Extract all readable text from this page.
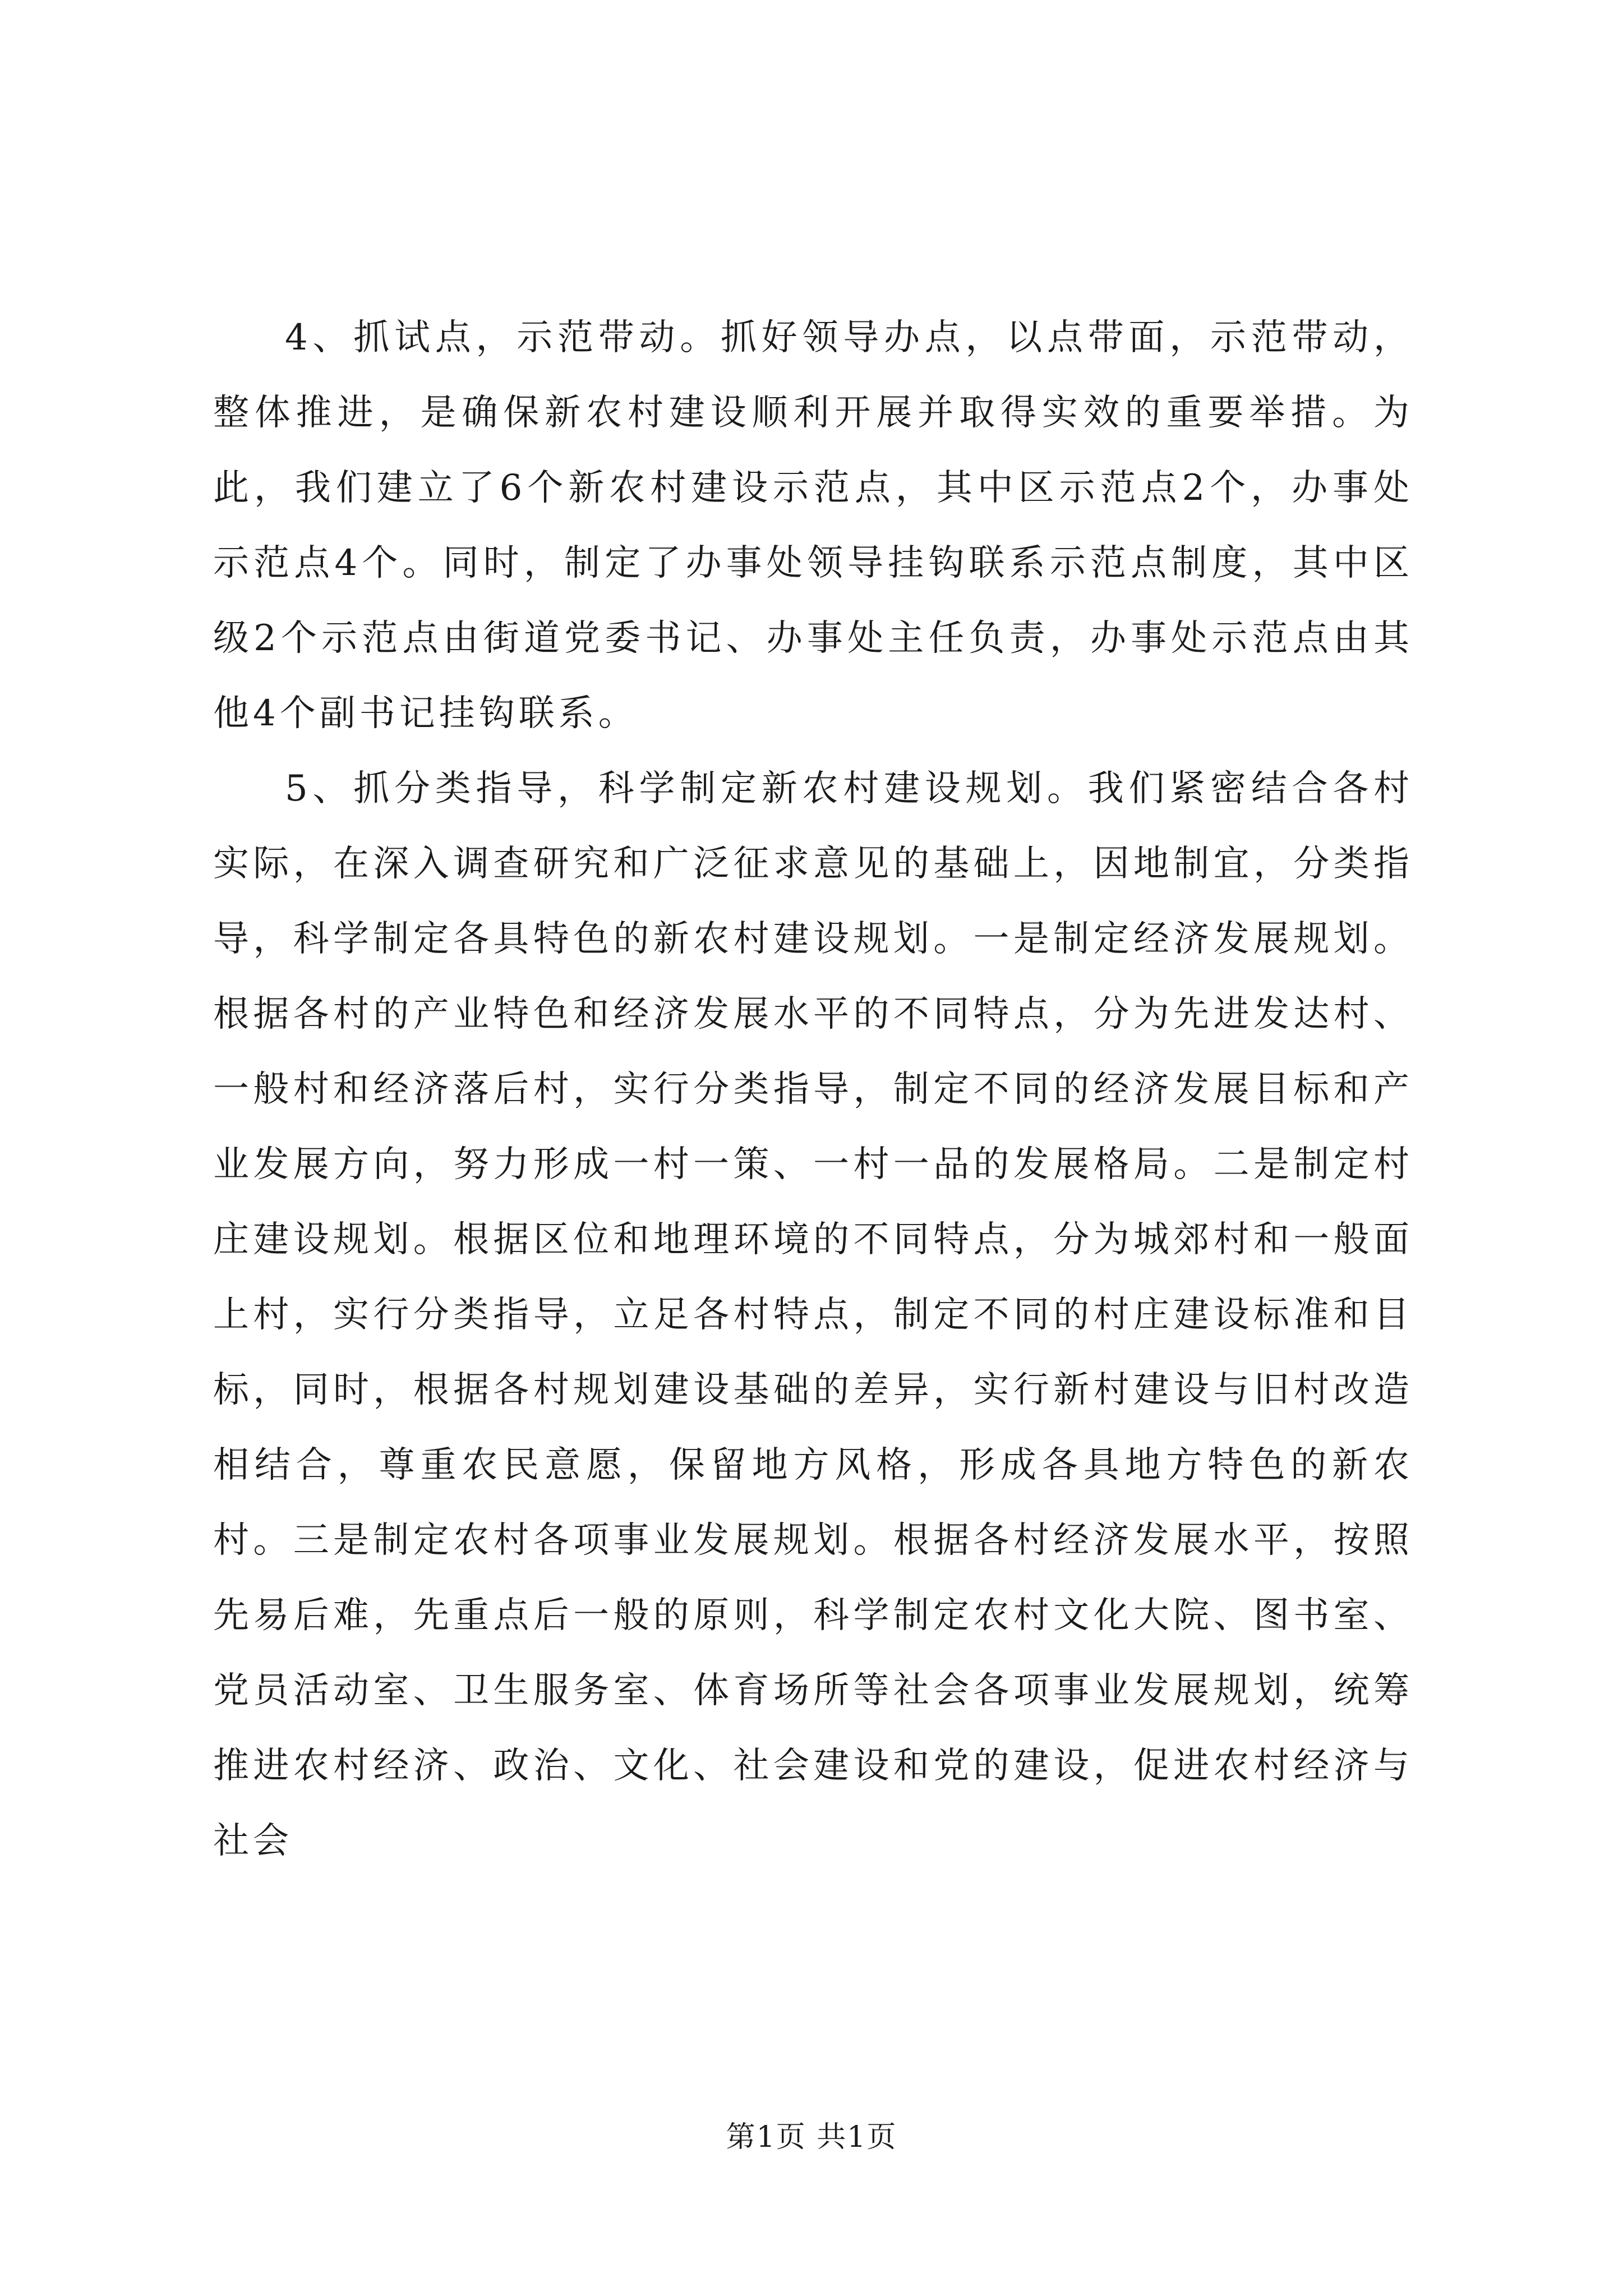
4、抓试点，示范带动。抓好领导办点，以点带面，示范带动，整体推进，是确保新农村建设顺利开展并取得实效的重要举措。为此，我们建立了6个新农村建设示范点，其中区示范点2个，办事处示范点4个。同时，制定了办事处领导挂钩联系示范点制度，其中区级2个示范点由街道党委书记、办事处主任负责，办事处示范点由其他4个副书记挂钩联系。

5、抓分类指导，科学制定新农村建设规划。我们紧密结合各村实际，在深入调查研究和广泛征求意见的基础上，因地制宜，分类指导，科学制定各具特色的新农村建设规划。一是制定经济发展规划。根据各村的产业特色和经济发展水平的不同特点，分为先进发达村、一般村和经济落后村，实行分类指导，制定不同的经济发展目标和产业发展方向，努力形成一村一策、一村一品的发展格局。二是制定村庄建设规划。根据区位和地理环境的不同特点，分为城郊村和一般面上村，实行分类指导，立足各村特点，制定不同的村庄建设标准和目标，同时，根据各村规划建设基础的差异，实行新村建设与旧村改造相结合，尊重农民意愿，保留地方风格，形成各具地方特色的新农村。三是制定农村各项事业发展规划。根据各村经济发展水平，按照先易后难，先重点后一般的原则，科学制定农村文化大院、图书室、党员活动室、卫生服务室、体育场所等社会各项事业发展规划，统筹推进农村经济、政治、文化、社会建设和党的建设，促进农村经济与社会

第1页 共1页
